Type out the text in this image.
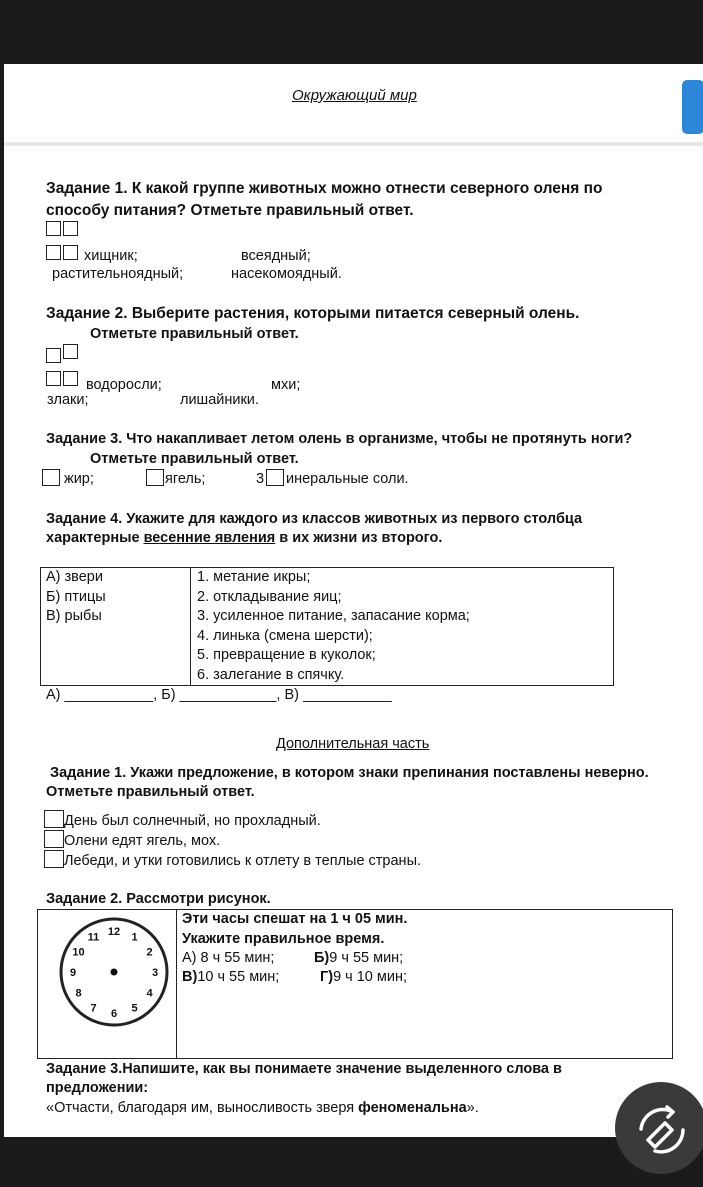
Окружающий мир
Задание 1. К какой группе животных можно отнести северного оленя по
способу питания? Отметьте правильный ответ.
хищник;	всеядный;
растительноядный;	насекомоядный.
Задание 2. Выберите растения, которыми питается северный олень.
Отметьте правильный ответ.
водоросли;	мхи;
злаки;	лишайники.
Задание 3. Что накапливает летом олень в организме, чтобы не протянуть ноги?
Отметьте правильный ответ.
жир;	ягель;	3 инеральные соли.
Задание 4. Укажите для каждого из классов животных из первого столбца
характерные весенние явления в их жизни из второго.
А) звери
Б) птицы
В) рыбы
1. метание икры;
2. откладывание яиц;
3. усиленное питание, запасание корма;
4. линька (смена шерсти);
5. превращение в куколок;
6. залегание в спячку.
А) ___________, Б) ____________, В) ___________
Дополнительная часть
Задание 1. Укажи предложение, в котором знаки препинания поставлены неверно.
Отметьте правильный ответ.
День был солнечный, но прохладный.
Олени едят ягель, мох.
Лебеди, и утки готовились к отлету в теплые страны.
Задание 2. Рассмотри рисунок.
12 1
2
3
4
5
6
7
8
9
10
11
Эти часы спешат на 1 ч 05 мин.
Укажите правильное время.
А) 8 ч 55 мин;	Б)9 ч 55 мин;
В)10 ч 55 мин;	Г)9 ч 10 мин;
Задание 3.Напишите, как вы понимаете значение выделенного слова в
предложении:
«Отчасти, благодаря им, выносливость зверя феноменальна».
